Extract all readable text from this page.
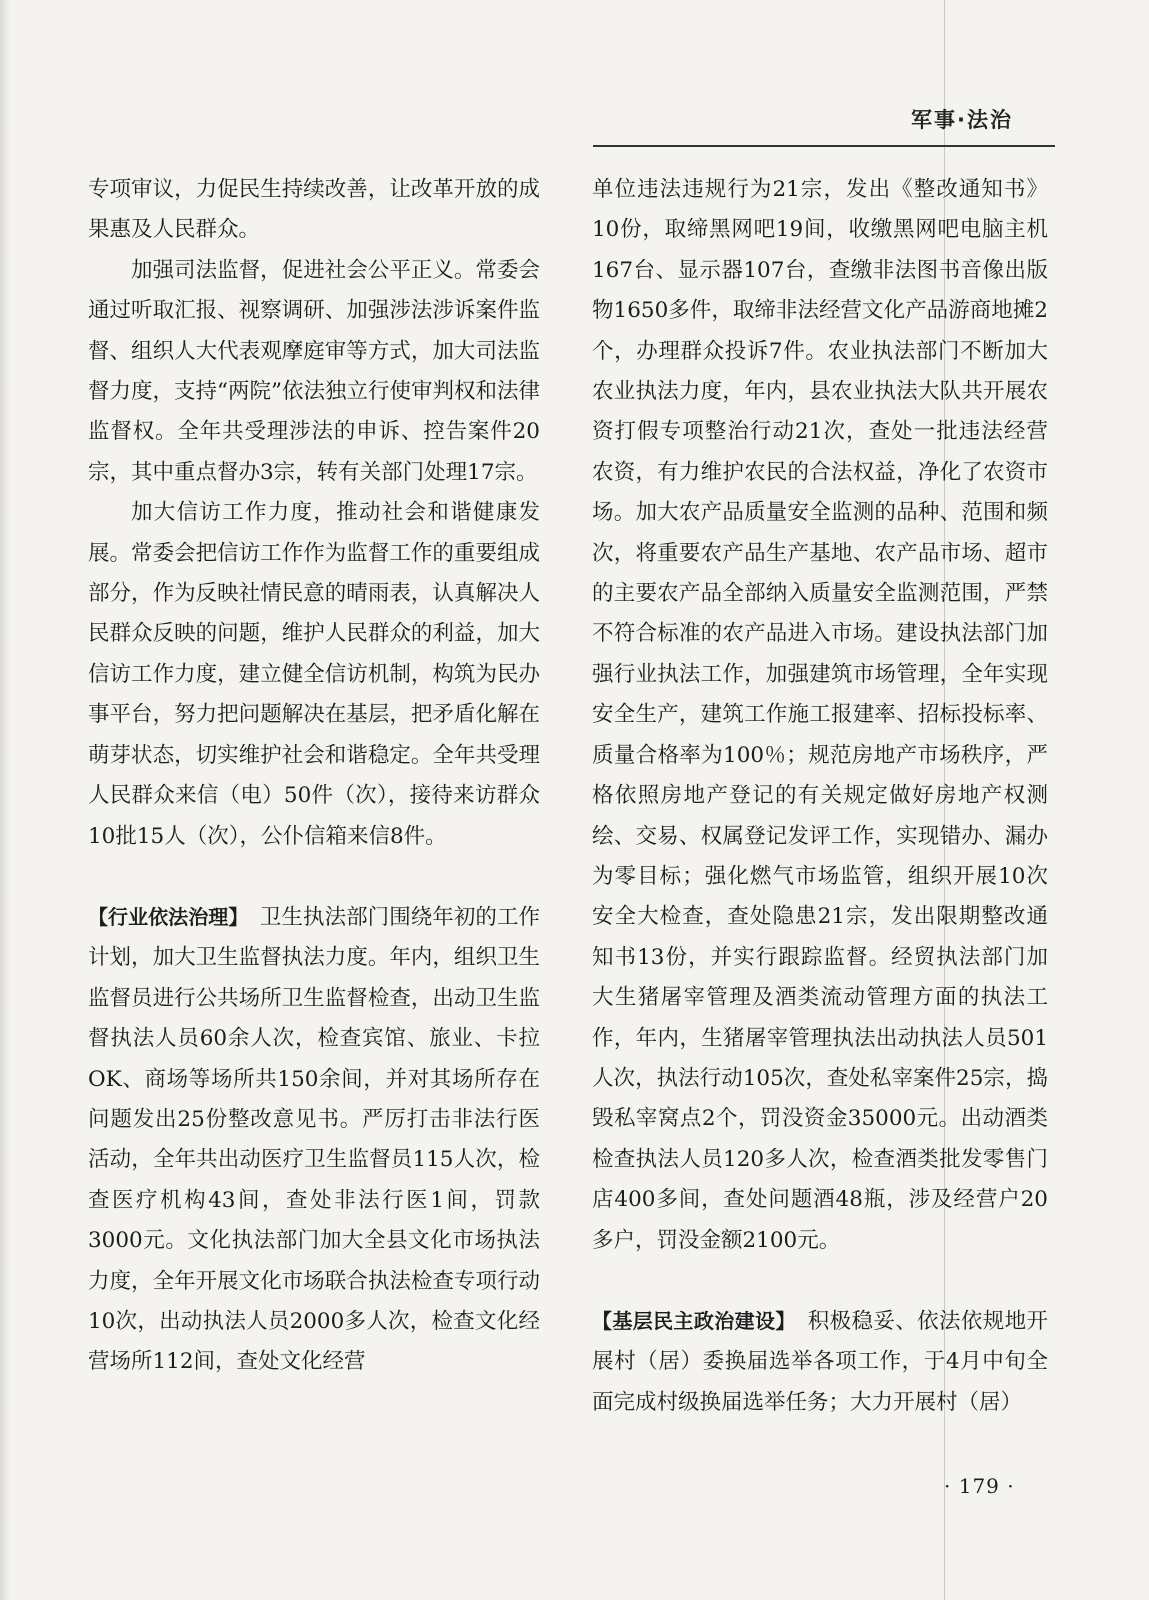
军事·法治

专项审议，力促民生持续改善，让改革开放的成果惠及人民群众。

加强司法监督，促进社会公平正义。常委会通过听取汇报、视察调研、加强涉法涉诉案件监督、组织人大代表观摩庭审等方式，加大司法监督力度，支持“两院”依法独立行使审判权和法律监督权。全年共受理涉法的申诉、控告案件20宗，其中重点督办3宗，转有关部门处理17宗。

加大信访工作力度，推动社会和谐健康发展。常委会把信访工作作为监督工作的重要组成部分，作为反映社情民意的晴雨表，认真解决人民群众反映的问题，维护人民群众的利益，加大信访工作力度，建立健全信访机制，构筑为民办事平台，努力把问题解决在基层，把矛盾化解在萌芽状态，切实维护社会和谐稳定。全年共受理人民群众来信（电）50件（次），接待来访群众10批15人（次），公仆信箱来信8件。

【行业依法治理】　卫生执法部门围绕年初的工作计划，加大卫生监督执法力度。年内，组织卫生监督员进行公共场所卫生监督检查，出动卫生监督执法人员60余人次，检查宾馆、旅业、卡拉OK、商场等场所共150余间，并对其场所存在问题发出25份整改意见书。严厉打击非法行医活动，全年共出动医疗卫生监督员115人次，检查医疗机构43间，查处非法行医1间，罚款3000元。文化执法部门加大全县文化市场执法力度，全年开展文化市场联合执法检查专项行动10次，出动执法人员2000多人次，检查文化经营场所112间，查处文化经营

单位违法违规行为21宗，发出《整改通知书》10份，取缔黑网吧19间，收缴黑网吧电脑主机167台、显示器107台，查缴非法图书音像出版物1650多件，取缔非法经营文化产品游商地摊2个，办理群众投诉7件。农业执法部门不断加大农业执法力度，年内，县农业执法大队共开展农资打假专项整治行动21次，查处一批违法经营农资，有力维护农民的合法权益，净化了农资市场。加大农产品质量安全监测的品种、范围和频次，将重要农产品生产基地、农产品市场、超市的主要农产品全部纳入质量安全监测范围，严禁不符合标准的农产品进入市场。建设执法部门加强行业执法工作，加强建筑市场管理，全年实现安全生产，建筑工作施工报建率、招标投标率、质量合格率为100％；规范房地产市场秩序，严格依照房地产登记的有关规定做好房地产权测绘、交易、权属登记发评工作，实现错办、漏办为零目标；强化燃气市场监管，组织开展10次安全大检查，查处隐患21宗，发出限期整改通知书13份，并实行跟踪监督。经贸执法部门加大生猪屠宰管理及酒类流动管理方面的执法工作，年内，生猪屠宰管理执法出动执法人员501人次，执法行动105次，查处私宰案件25宗，捣毁私宰窝点2个，罚没资金35000元。出动酒类检查执法人员120多人次，检查酒类批发零售门店400多间，查处问题酒48瓶，涉及经营户20多户，罚没金额2100元。

【基层民主政治建设】　积极稳妥、依法依规地开展村（居）委换届选举各项工作，于4月中旬全面完成村级换届选举任务；大力开展村（居）

· 179 ·
